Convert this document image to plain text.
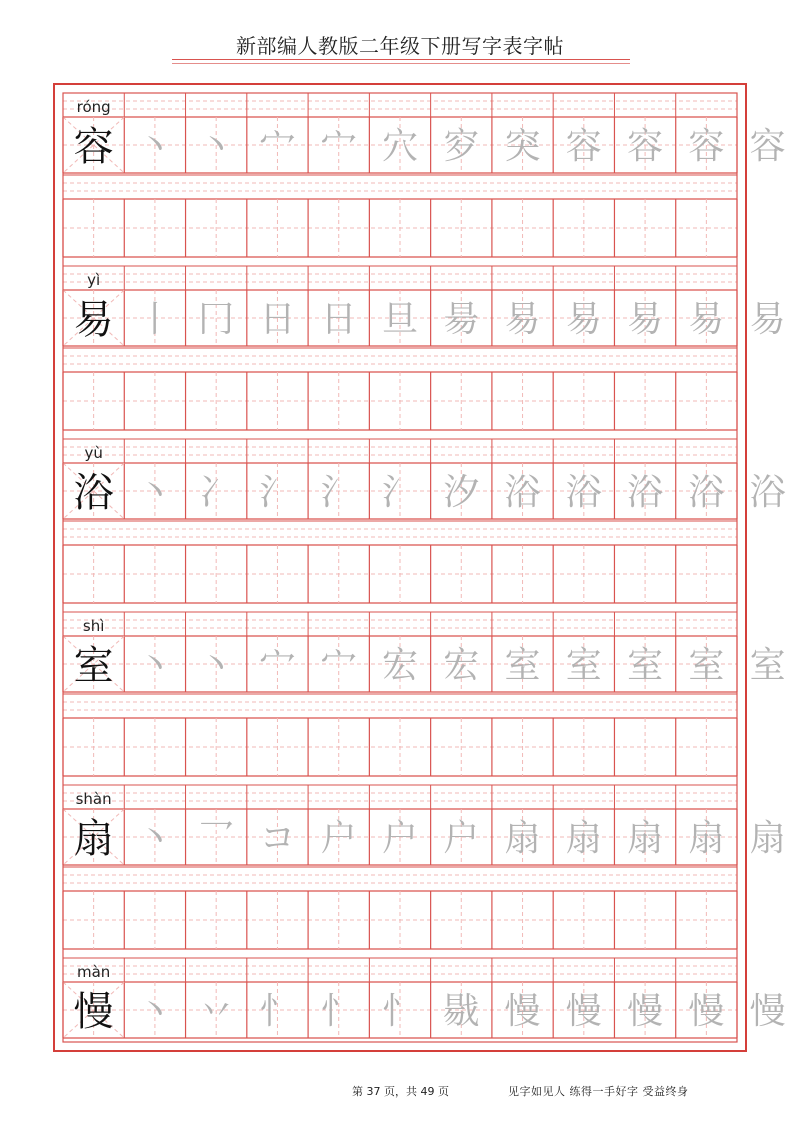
新部编人教版二年级下册写字表字帖
róng
容 丶 丶 宀 宀 穴 穸 突 容 容 容 容
yì
易 丨 冂 日 日 旦 昜 易 易 易 易 易
yù
浴 丶 冫 氵 氵 氵 汐 浴 浴 浴 浴 浴
shì
室 丶 丶 宀 宀 宏 宏 室 室 室 室 室
shàn
扇 丶 乛 コ 户 户 户 扇 扇 扇 扇 扇
màn
慢 丶 丷 忄 忄 忄 㦹 慢 慢 慢 慢 慢
第 37 页，共 49 页	见字如见人 练得一手好字 受益终身
